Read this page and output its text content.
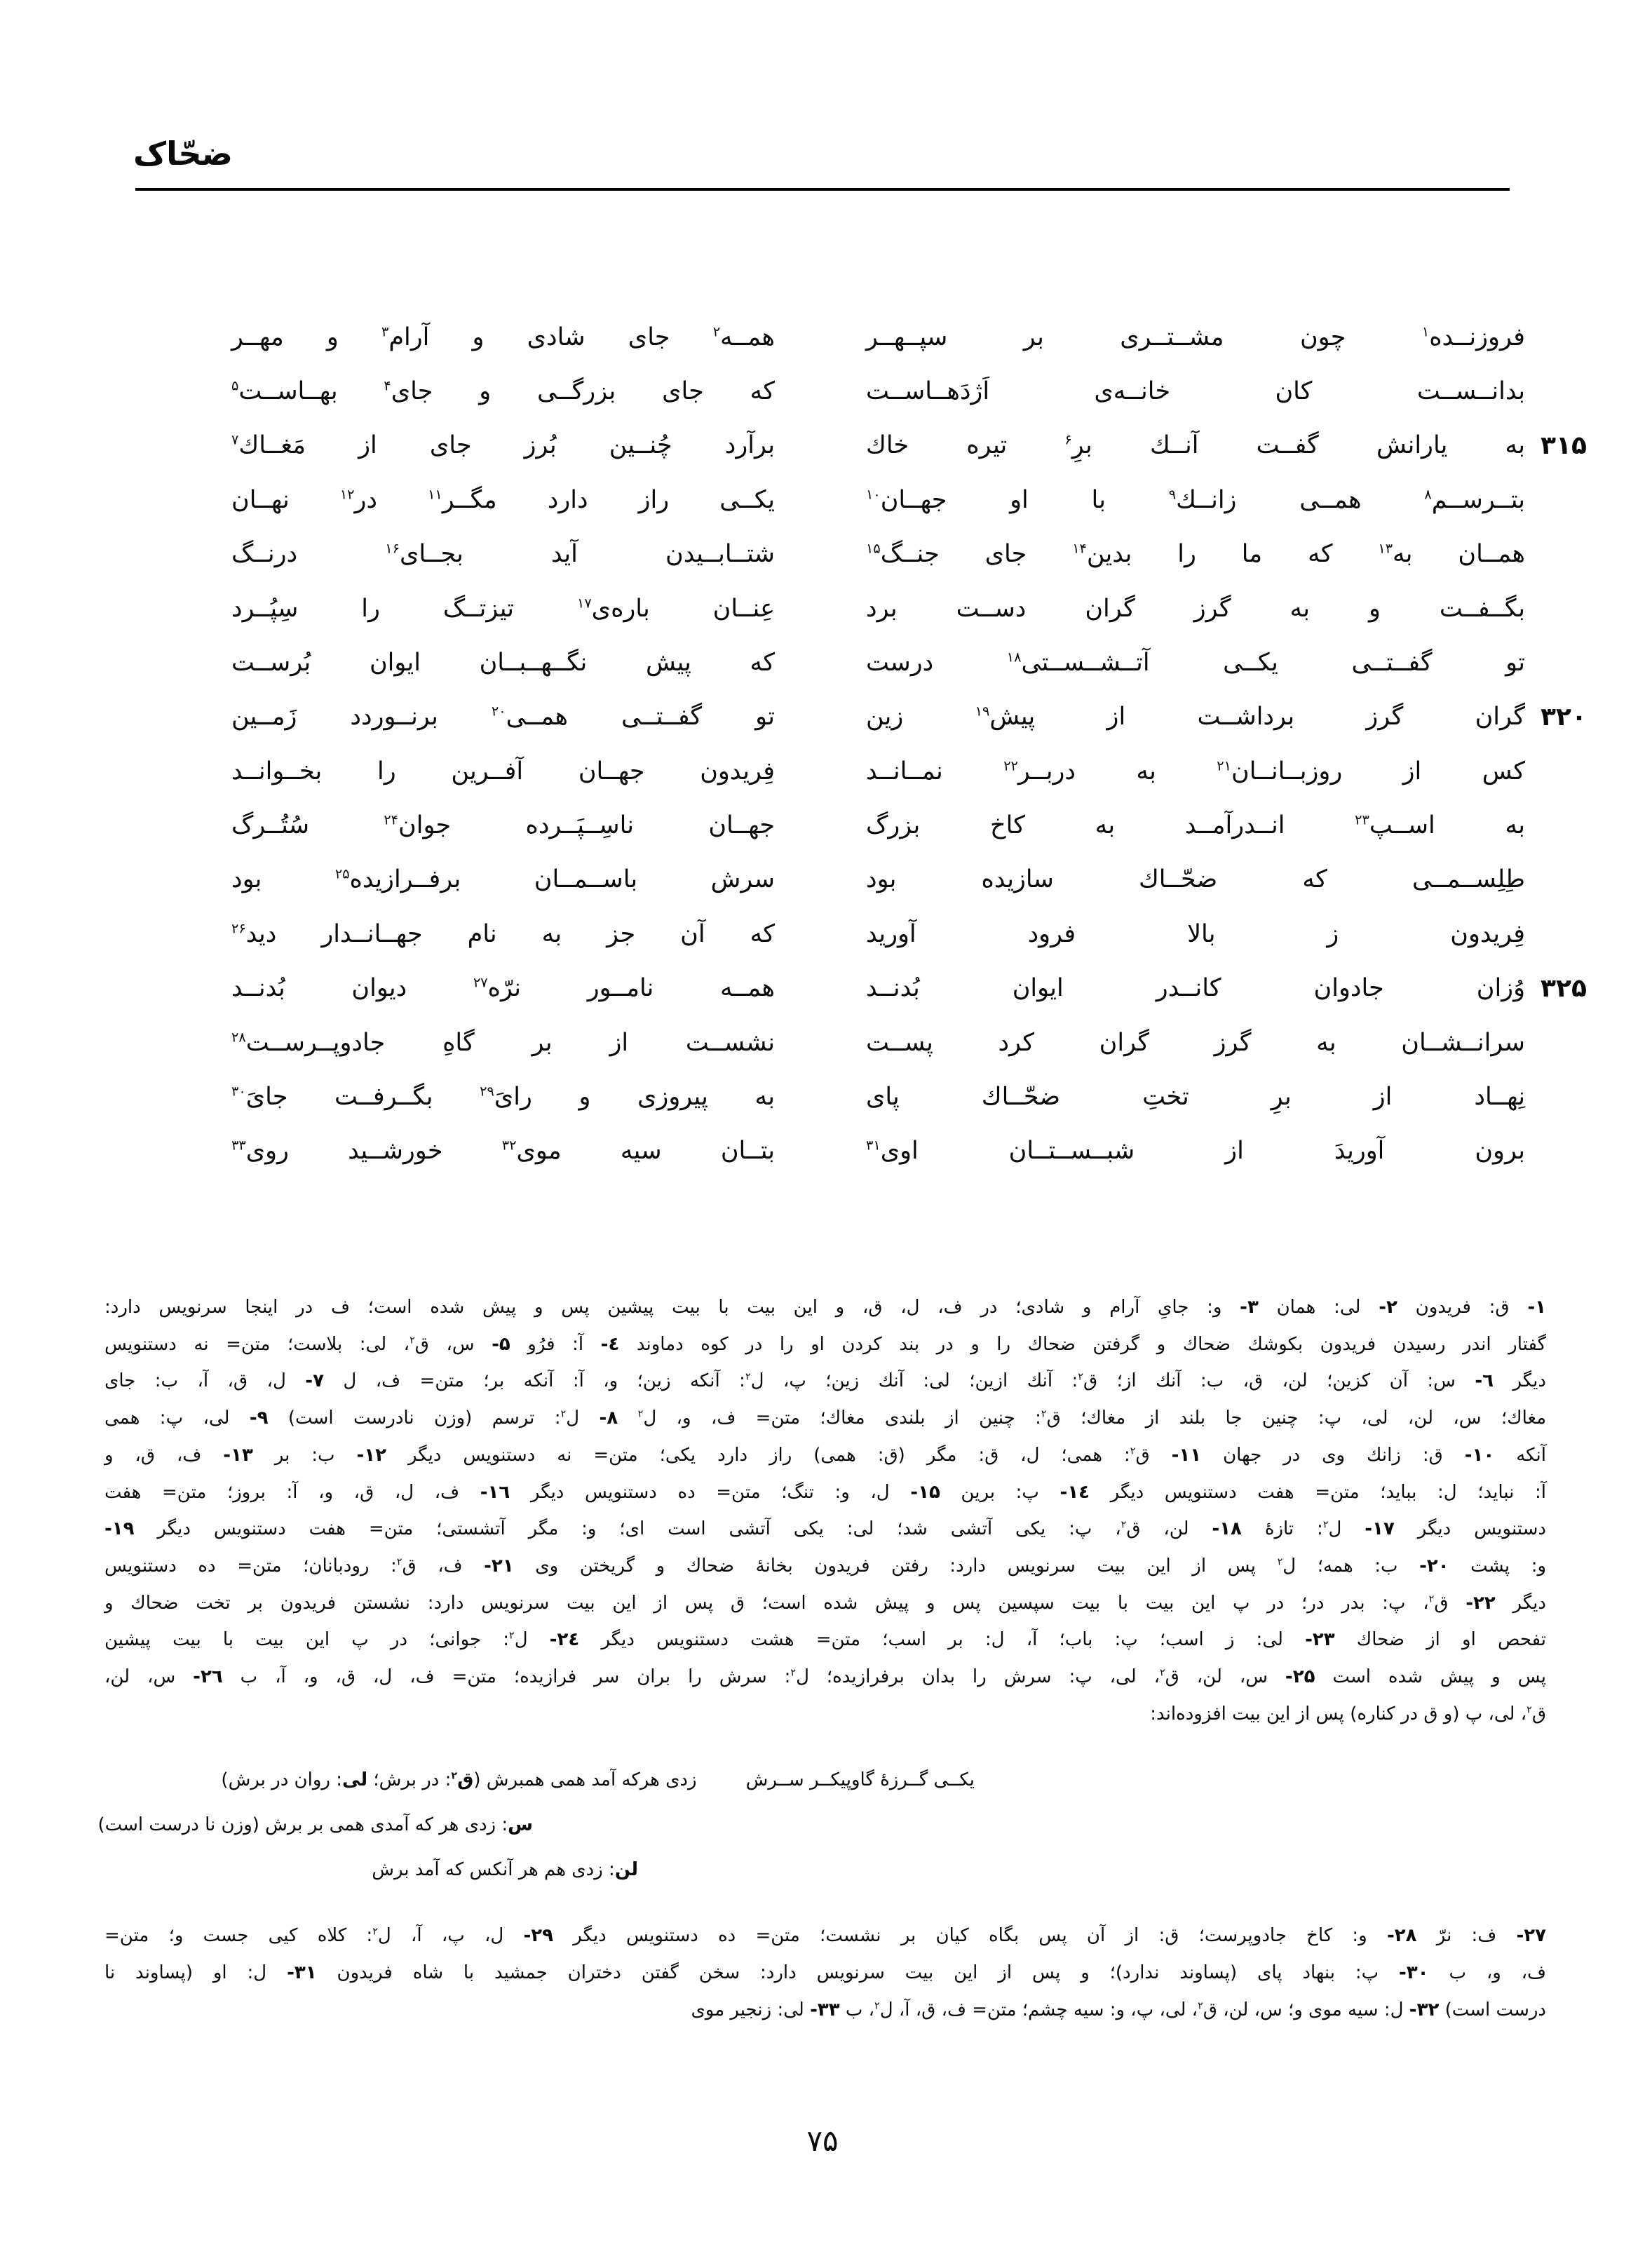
ضحّاک
فروزنــده$^۱$ چون مشــتــری بر سپــهــر
همــه$^۲$ جای شادی و آرام$^۳$ و مهــر
بدانــســت کان خانــه‌ی اَژدَهــاســت
که جای بزرگــی و جای$^۴$ بهــاســت$^۵$
۳۱۵
به یارانش گفــت آنــك برِ$^۶$ تیره خاك
برآرد چُنــین بُرز جای از مَغــاك$^۷$
بتــرســم$^۸$ همــی زانــك$^۹$ با او جهــان$^{۱۰}$
یکــی راز دارد مگــر$^{۱۱}$ در$^{۱۲}$ نهــان
همــان به$^{۱۳}$ که ما را بدین$^{۱۴}$ جای جنــگ$^{۱۵}$
شتــابــیدن آید بجــای$^{۱۶}$ درنــگ
بگــفــت و به گرز گران دســت برد
عِنــان باره‌ی$^{۱۷}$ تیزتــگ را سِپُــرد
تو گفــتــی یکــی آتــشــســتی$^{۱۸}$ درست
که پیش نگــهــبــان ایوان بُرســت
۳۲۰
گران گرز برداشــت از پیش$^{۱۹}$ زین
تو گفــتــی همــی$^{۲۰}$ برنــوردد زَمــین
کس از روزبــانــان$^{۲۱}$ به دربــر$^{۲۲}$ نمــانــد
فِریدون جهــان آفــرین را بخــوانــد
به اســپ$^{۲۳}$ انــدرآمــد به کاخ بزرگ
جهــان ناسِــپَــرده جوان$^{۲۴}$ سُتُــرگ
طِلِســمــی که ضحّــاك سازیده بود
سرش باســمــان برفــرازیده$^{۲۵}$ بود
فِریدون ز بالا فرود آورید
که آن جز به نام جهــانــدار دید$^{۲۶}$
۳۲۵
وُزان جادوان کانــدر ایوان بُدنــد
همــه نامــور نرّه$^{۲۷}$ دیوان بُدنــد
سرانــشــان به گرز گران کرد پســت
نشســت از بر گاهِ جادوپــرســت$^{۲۸}$
نِهــاد از برِ تختِ ضحّــاك پای
به پیروزی و رایَ$^{۲۹}$ بگــرفــت جایَ$^{۳۰}$
برون آوریدَ از شبــســتــان اوی$^{۳۱}$
بتــان سیه موی$^{۳۲}$ خورشــید روی$^{۳۳}$
۱- ق: فریدون ۲- لی: همان ۳- و: جایِ آرام و شادی؛ در ف، ل، ق، و این بیت با بیت پیشین پس و پیش شده است؛ ف در اینجا سرنویس دارد:
گفتار اندر رسیدن فریدون بکوشك ضحاك و گرفتن ضحاك را و در بند كردن او را در كوه دماوند ٤- آ: فرُو ۵- س، ق$^۲$، لی: بلاست؛ متن= نه دستنویس
دیگر ٦- س: آن كزین؛ لن، ق، ب: آنك از؛ ق$^۲$: آنك ازین؛ لی: آنك زین؛ پ، ل$^۲$: آنكه زین؛ و، آ: آنكه بر؛ متن= ف، ل ۷- ل، ق، آ، ب: جای
مغاك؛ س، لن، لی، پ: چنین جا بلند از مغاك؛ ق$^۲$: چنین از بلندی مغاك؛ متن= ف، و، ل$^۲$ ۸- ل$^۲$: ترسم (وزن نادرست است) ۹- لی، پ: همی
آنکه ۱۰- ق: زانك وی در جهان ۱۱- ق$^۲$: همی؛ ل، ق: مگر (ق: همی) راز دارد یکی؛ متن= نه دستنویس دیگر ۱۲- ب: بر ۱۳- ف، ق، و
آ: نباید؛ ل: بباید؛ متن= هفت دستنویس دیگر ۱٤- پ: برین ۱۵- ل، و: تنگ؛ متن= ده دستنویس دیگر ۱٦- ف، ل، ق، و، آ: بروز؛ متن= هفت
دستنویس دیگر ۱۷- ل$^۲$: تازهٔ ۱۸- لن، ق$^۲$، پ: یکی آتشی شد؛ لی: یکی آتشی است ای؛ و: مگر آتشستی؛ متن= هفت دستنویس دیگر ۱۹-
و: پشت ۲۰- ب: همه؛ ل$^۲$ پس از این بیت سرنویس دارد: رفتن فریدون بخانهٔ ضحاك و گریختن وی ۲۱- ف، ق$^۲$: رودبانان؛ متن= ده دستنویس
دیگر ۲۲- ق$^۲$، پ: بدر در؛ در پ این بیت با بیت سپسین پس و پیش شده است؛ ق پس از این بیت سرنویس دارد: نشستن فریدون بر تخت ضحاك و
تفحص او از ضحاك ۲۳- لی: ز اسب؛ پ: باب؛ آ، ل: بر اسب؛ متن= هشت دستنویس دیگر ۲٤- ل$^۲$: جوانی؛ در پ این بیت با بیت پیشین
پس و پیش شده است ۲۵- س، لن، ق$^۲$، لی، پ: سرش را بدان برفرازیده؛ ل$^۲$: سرش را بران سر فرازیده؛ متن= ف، ل، ق، و، آ، ب ۲٦- س، لن،
ق$^۲$، لی، پ (و ق در کناره) پس از این بیت افزوده‌اند:
یکــی گــرزهٔ گاوپیکــر ســرش
زدی هرکه آمد همی همبرش (ق$^۲$: در برش؛ لی: روان در برش)
س: زدی هر که آمدی همی بر برش (وزن نا درست است)
لن: زدی هم هر آنکس که آمد برش
۲۷- ف: نرّ ۲۸- و: کاخ جادوپرست؛ ق: از آن پس بگاه کیان بر نشست؛ متن= ده دستنویس دیگر ۲۹- ل، پ، آ، ل$^۲$: کلاه کیی جست و؛ متن=
ف، و، ب ۳۰- پ: بنهاد پای (پساوند ندارد)؛ و پس از این بیت سرنویس دارد: سخن گفتن دختران جمشید با شاه فریدون ۳۱- ل: او (پساوند نا
درست است) ۳۲- ل: سیه موی و؛ س، لن، ق$^۲$، لی، پ، و: سیه چشم؛ متن= ف، ق، آ، ل$^۲$، ب ۳۳- لی: زنجیر موی
۷۵
